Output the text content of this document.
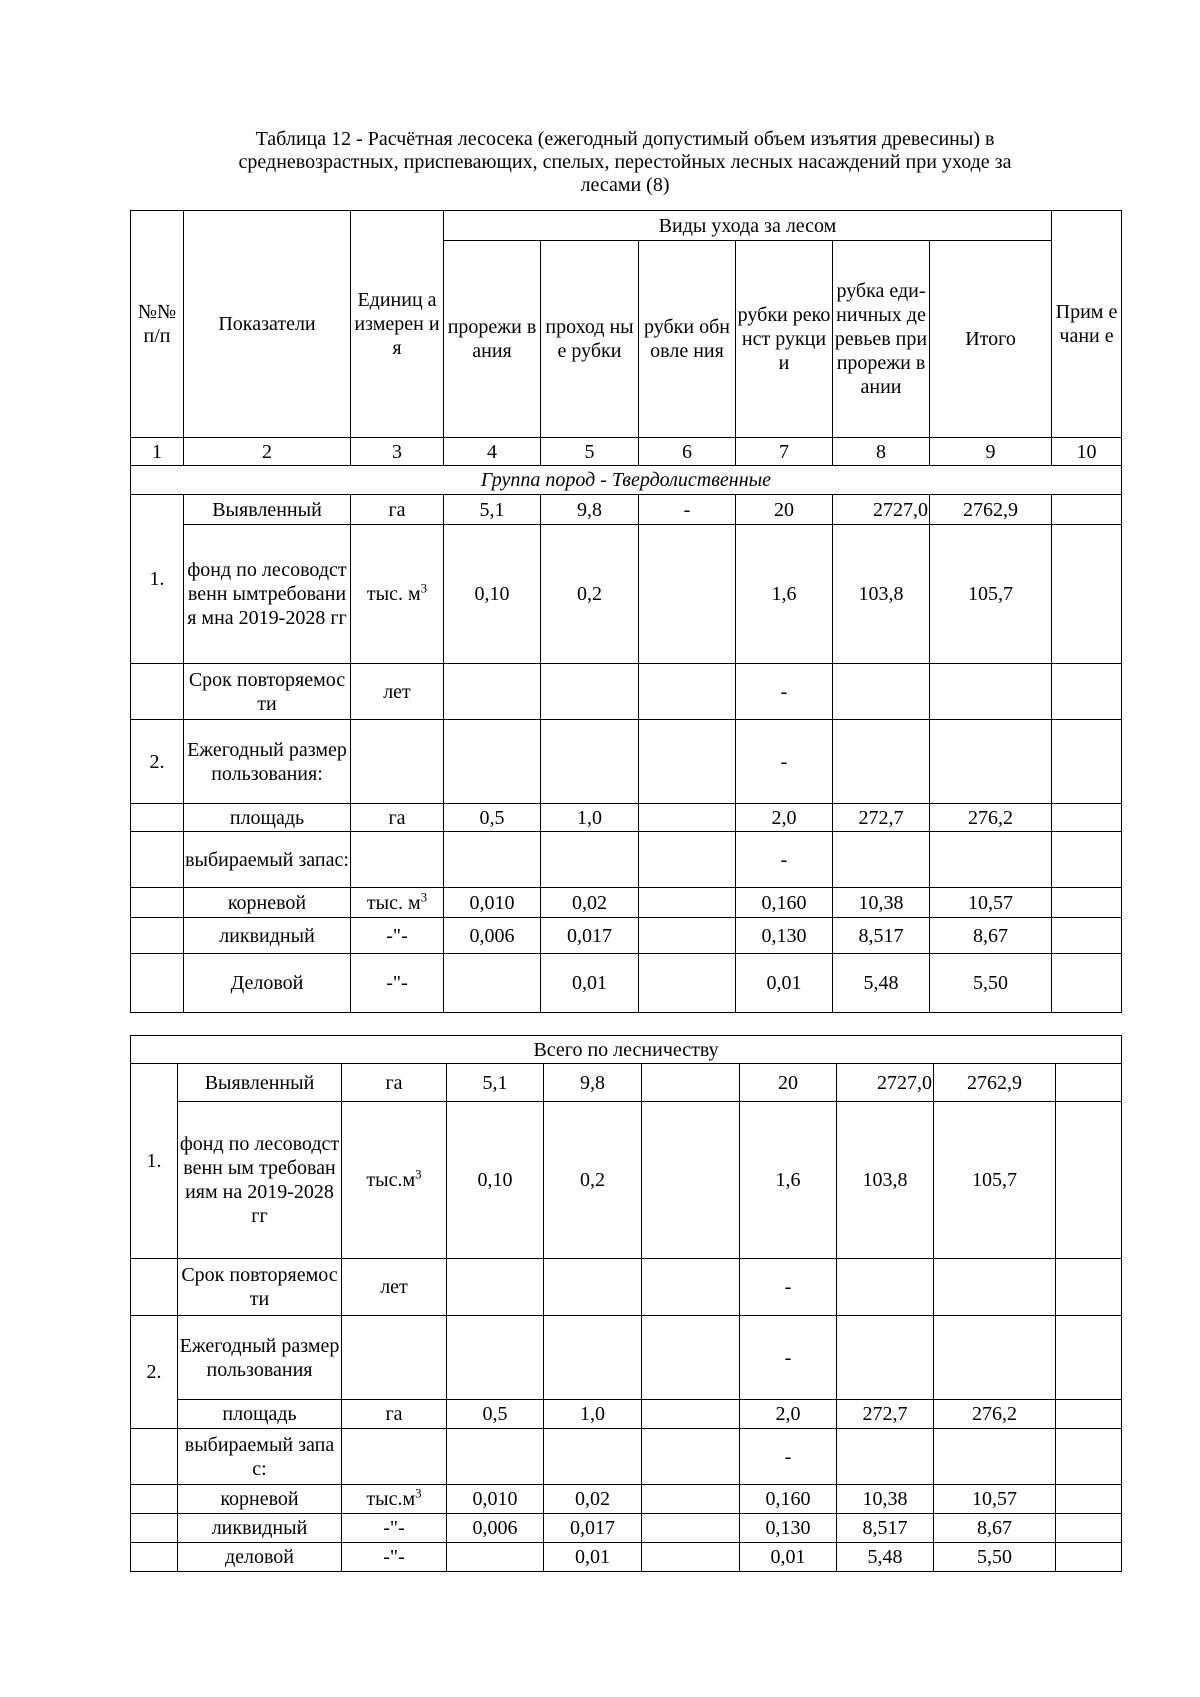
Таблица 12 - Расчётная лесосека (ежегодный допустимый объем изъятия древесины) в
средневозрастных, приспевающих, спелых, перестойных лесных насаждений при уходе за
лесами (8)
№№ п/п	Показатели	Единиц а измерен ия	Виды ухода за лесом						Прим ечани е
			прорежи вания	проход ные рубки	рубки обновле ния	рубки реконст рукции	рубка еди- ничных деревьев при прорежи вании	Итого	
1	2	3	4	5	6	7	8	9	10
Группа пород - Твердолиственные									
1.	Выявленный	га	5,1	9,8	-	20	2727,0	2762,9	
	фонд по лесоводственн ымтребования мна 2019-2028 гг	тыс. $м^3$	0,10	0,2		1,6	103,8	105,7	
	Срок повторяемости	лет				-			
2.	Ежегодный размер пользования:					-			
	площадь	га	0,5	1,0		2,0	272,7	276,2	
	выбираемый запас:					-			
	корневой	тыс. $м^3$	0,010	0,02		0,160	10,38	10,57	
	ликвидный	-"-	0,006	0,017		0,130	8,517	8,67	
	Деловой	-"-		0,01		0,01	5,48	5,50	
Всего по лесничеству									
1.	Выявленный	га	5,1	9,8		20	2727,0	2762,9	
	фонд по лесоводственн ым требованиям на 2019-2028 гг	$тыс.м^3$	0,10	0,2		1,6	103,8	105,7	
	Срок повторяемости	лет				-			
2.	Ежегодный размер пользования					-			
	площадь	га	0,5	1,0		2,0	272,7	276,2	
	выбираемый запас:					-			
	корневой	$тыс.м^3$	0,010	0,02		0,160	10,38	10,57	
	ликвидный	-"-	0,006	0,017		0,130	8,517	8,67	
	деловой	-"-		0,01		0,01	5,48	5,50	
